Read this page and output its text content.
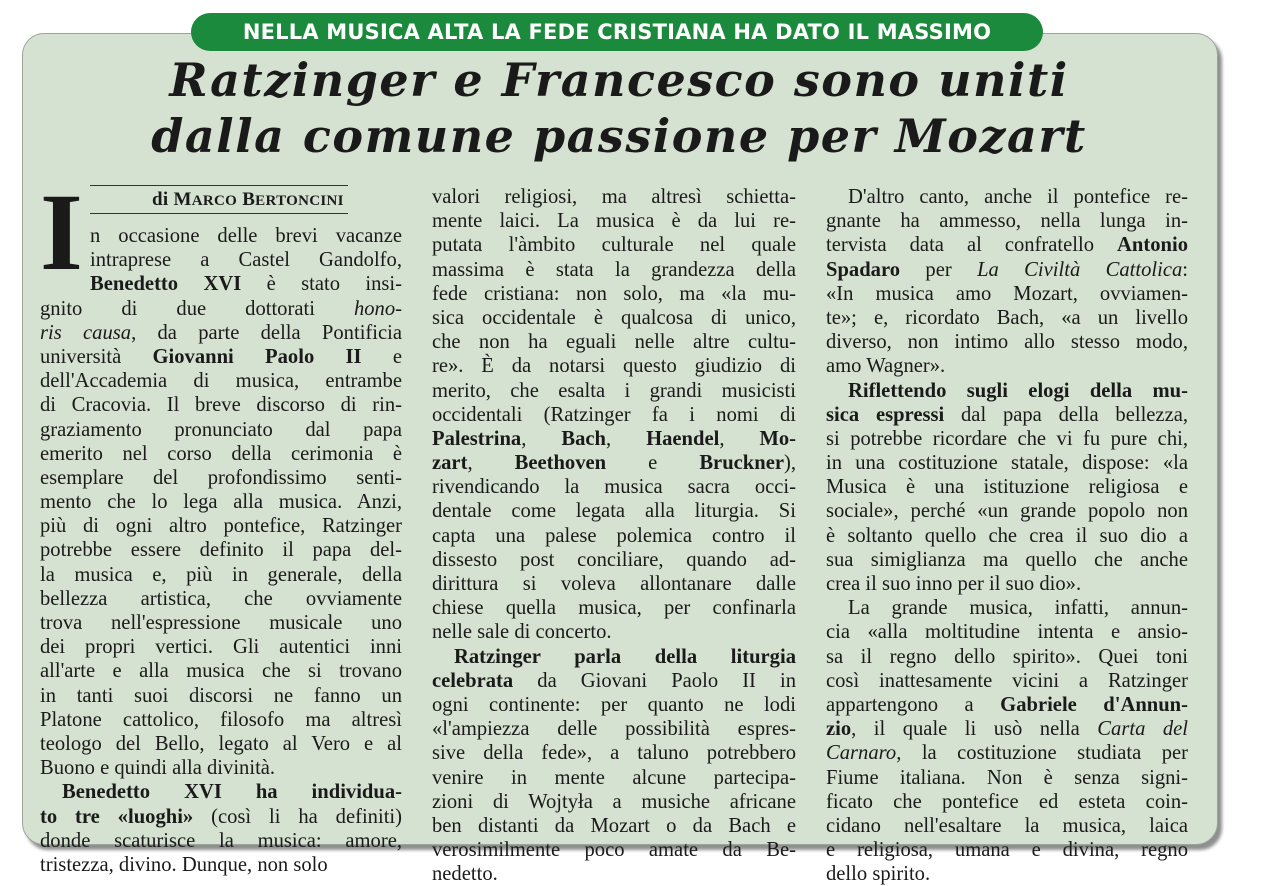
NELLA MUSICA ALTA LA FEDE CRISTIANA HA DATO IL MASSIMO
Ratzinger e Francesco sono uniti
dalla comune passione per Mozart
di MARCO BERTONCINI
I n occasione delle brevi vacanze
intraprese a Castel Gandolfo,
Benedetto XVI è stato insi-
gnito di due dottorati hono-
ris causa, da parte della Pontificia
università Giovanni Paolo II e
dell'Accademia di musica, entrambe
di Cracovia. Il breve discorso di rin-
graziamento pronunciato dal papa
emerito nel corso della cerimonia è
esemplare del profondissimo senti-
mento che lo lega alla musica. Anzi,
più di ogni altro pontefice, Ratzinger
potrebbe essere definito il papa del-
la musica e, più in generale, della
bellezza artistica, che ovviamente
trova nell'espressione musicale uno
dei propri vertici. Gli autentici inni
all'arte e alla musica che si trovano
in tanti suoi discorsi ne fanno un
Platone cattolico, filosofo ma altresì
teologo del Bello, legato al Vero e al
Buono e quindi alla divinità.
Benedetto XVI ha individua-
to tre «luoghi» (così li ha definiti)
donde scaturisce la musica: amore,
tristezza, divino. Dunque, non solo
valori religiosi, ma altresì schietta-
mente laici. La musica è da lui re-
putata l'àmbito culturale nel quale
massima è stata la grandezza della
fede cristiana: non solo, ma «la mu-
sica occidentale è qualcosa di unico,
che non ha eguali nelle altre cultu-
re». È da notarsi questo giudizio di
merito, che esalta i grandi musicisti
occidentali (Ratzinger fa i nomi di
Palestrina, Bach, Haendel, Mo-
zart, Beethoven e Bruckner),
rivendicando la musica sacra occi-
dentale come legata alla liturgia. Si
capta una palese polemica contro il
dissesto post conciliare, quando ad-
dirittura si voleva allontanare dalle
chiese quella musica, per confinarla
nelle sale di concerto.
Ratzinger parla della liturgia
celebrata da Giovani Paolo II in
ogni continente: per quanto ne lodi
«l'ampiezza delle possibilità espres-
sive della fede», a taluno potrebbero
venire in mente alcune partecipa-
zioni di Wojtyła a musiche africane
ben distanti da Mozart o da Bach e
verosimilmente poco amate da Be-
nedetto.
D'altro canto, anche il pontefice re-
gnante ha ammesso, nella lunga in-
tervista data al confratello Antonio
Spadaro per La Civiltà Cattolica:
«In musica amo Mozart, ovviamen-
te»; e, ricordato Bach, «a un livello
diverso, non intimo allo stesso modo,
amo Wagner».
Riflettendo sugli elogi della mu-
sica espressi dal papa della bellezza,
si potrebbe ricordare che vi fu pure chi,
in una costituzione statale, dispose: «la
Musica è una istituzione religiosa e
sociale», perché «un grande popolo non
è soltanto quello che crea il suo dio a
sua simiglianza ma quello che anche
crea il suo inno per il suo dio».
La grande musica, infatti, annun-
cia «alla moltitudine intenta e ansio-
sa il regno dello spirito». Quei toni
così inattesamente vicini a Ratzinger
appartengono a Gabriele d'Annun-
zio, il quale li usò nella Carta del
Carnaro, la costituzione studiata per
Fiume italiana. Non è senza signi-
ficato che pontefice ed esteta coin-
cidano nell'esaltare la musica, laica
e religiosa, umana e divina, regno
dello spirito.
